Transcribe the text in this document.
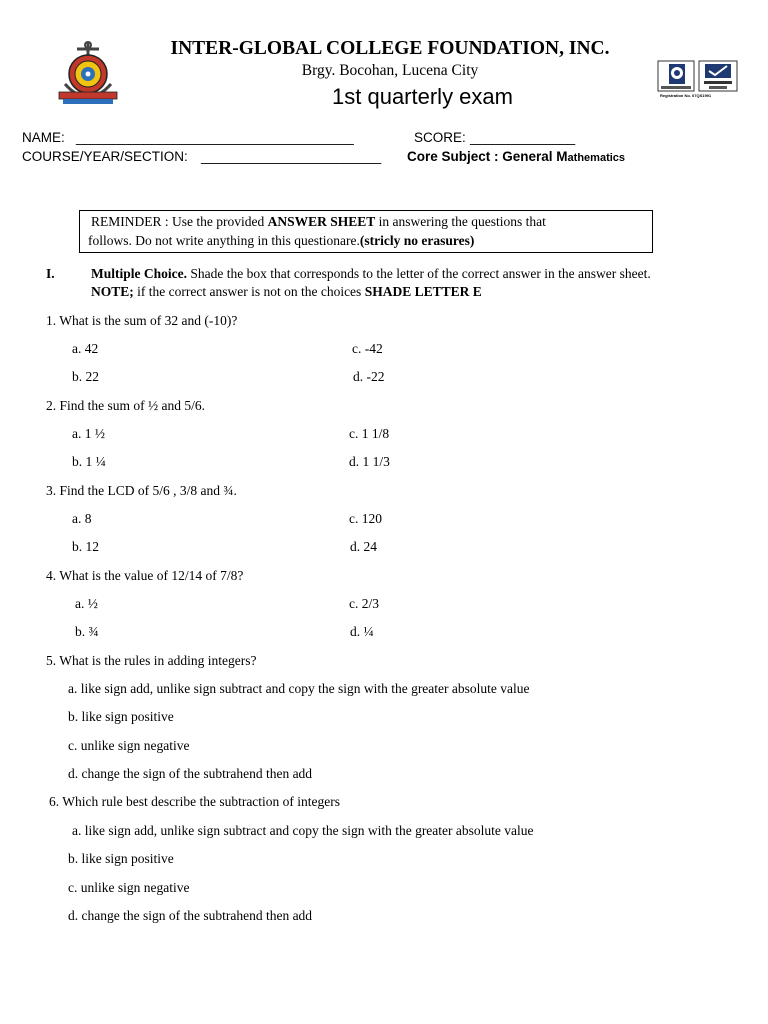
Registration No. 07QS1991
INTER-GLOBAL COLLEGE FOUNDATION, INC.
Brgy. Bocohan, Lucena City
1st quarterly exam
NAME: _____________________________________	SCORE: ______________
COURSE/YEAR/SECTION: ________________________ Core Subject : General Mathematics
REMINDER : Use the provided ANSWER SHEET in answering the questions that
follows. Do not write anything in this questionare.(stricly no erasures)
I.	Multiple Choice. Shade the box that corresponds to the letter of the correct answer in the answer sheet.
NOTE; if the correct answer is not on the choices SHADE LETTER E
1. What is the sum of 32 and (-10)?
a. 42	c. -42
b. 22	d. -22
2. Find the sum of ½ and 5/6.
a. 1 ½	c. 1 1/8
b. 1 ¼	d. 1 1/3
3. Find the LCD of 5/6 , 3/8 and ¾.
a. 8	c. 120
b. 12	d. 24
4. What is the value of 12/14 of 7/8?
a. ½	c. 2/3
b. ¾	d. ¼
5. What is the rules in adding integers?
a. like sign add, unlike sign subtract and copy the sign with the greater absolute value
b. like sign positive
c. unlike sign negative
d. change the sign of the subtrahend then add
6. Which rule best describe the subtraction of integers
a. like sign add, unlike sign subtract and copy the sign with the greater absolute value
b. like sign positive
c. unlike sign negative
d. change the sign of the subtrahend then add
